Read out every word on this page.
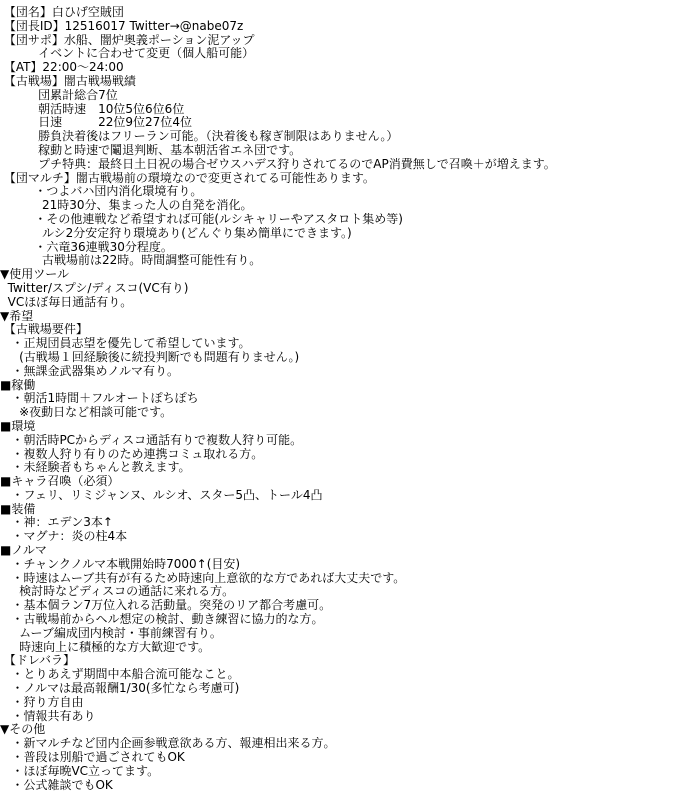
【団名】白ひげ空賊団
【団長ID】12516017 Twitter→@nabe07z
【団サポ】水船、闇炉奥義ポーション泥アップ
イベントに合わせて変更（個人船可能）
【AT】22:00～24:00
【古戦場】闇古戦場戦績
団累計総合7位
朝活時速　10位5位6位6位
日速　　　22位9位27位4位
勝負決着後はフリーラン可能。（決着後も稼ぎ制限はありません。）
稼動と時速で鬮退判断、基本朝活省エネ団です。
プチ特典：最終日土日祝の場合ゼウスハデス狩りされてるのでAP消費無しで召喚＋が増えます。
【団マルチ】闇古戦場前の環境なので変更されてる可能性あります。
・つよバハ団内消化環境有り。
21時30分、集まった人の自発を消化。
・その他連戦など希望すれば可能(ルシキャリーやアスタロト集め等)
ルシ2分安定狩り環境あり(どんぐり集め簡単にできます。)
・六竜36連戦30分程度。
古戦場前は22時。時間調整可能性有り。
▼使用ツール
Twitter/スプシ/ディスコ(VC有り)
VCほぼ毎日通話有り。
▼希望
【古戦場要件】
・正規団員志望を優先して希望しています。
(古戦場１回経験後に続投判断でも問題有りません。)
・無課金武器集めノルマ有り。
■稼働
・朝活1時間＋フルオートぽちぽち
※夜動日など相談可能です。
■環境
・朝活時PCからディスコ通話有りで複数人狩り可能。
・複数人狩り有りのため連携コミュ取れる方。
・未経験者もちゃんと教えます。
■キャラ召喚（必須）
・フェリ、リミジャンヌ、ルシオ、スター5凸、トール4凸
■装備
・神：エデン3本↑
・マグナ：炎の柱4本
■ノルマ
・チャンクノルマ本戦開始時7000↑(目安)
・時速はムーブ共有が有るため時速向上意欲的な方であれば大丈夫です。
検討時などディスコの通話に来れる方。
・基本個ラン7万位入れる活動量。突発のリア都合考慮可。
・古戦場前からヘル想定の検討、動き練習に協力的な方。
ムーブ編成団内検討・事前練習有り。
時速向上に積極的な方大歓迎です。
【ドレバラ】
・とりあえず期間中本船合流可能なこと。
・ノルマは最高報酬1/30(多忙なら考慮可)
・狩り方自由
・情報共有あり
▼その他
・新マルチなど団内企画参戦意欲ある方、報連相出来る方。
・普段は別船で過ごされてもOK
・ほぼ毎晩VC立ってます。
・公式雑談でもOK
